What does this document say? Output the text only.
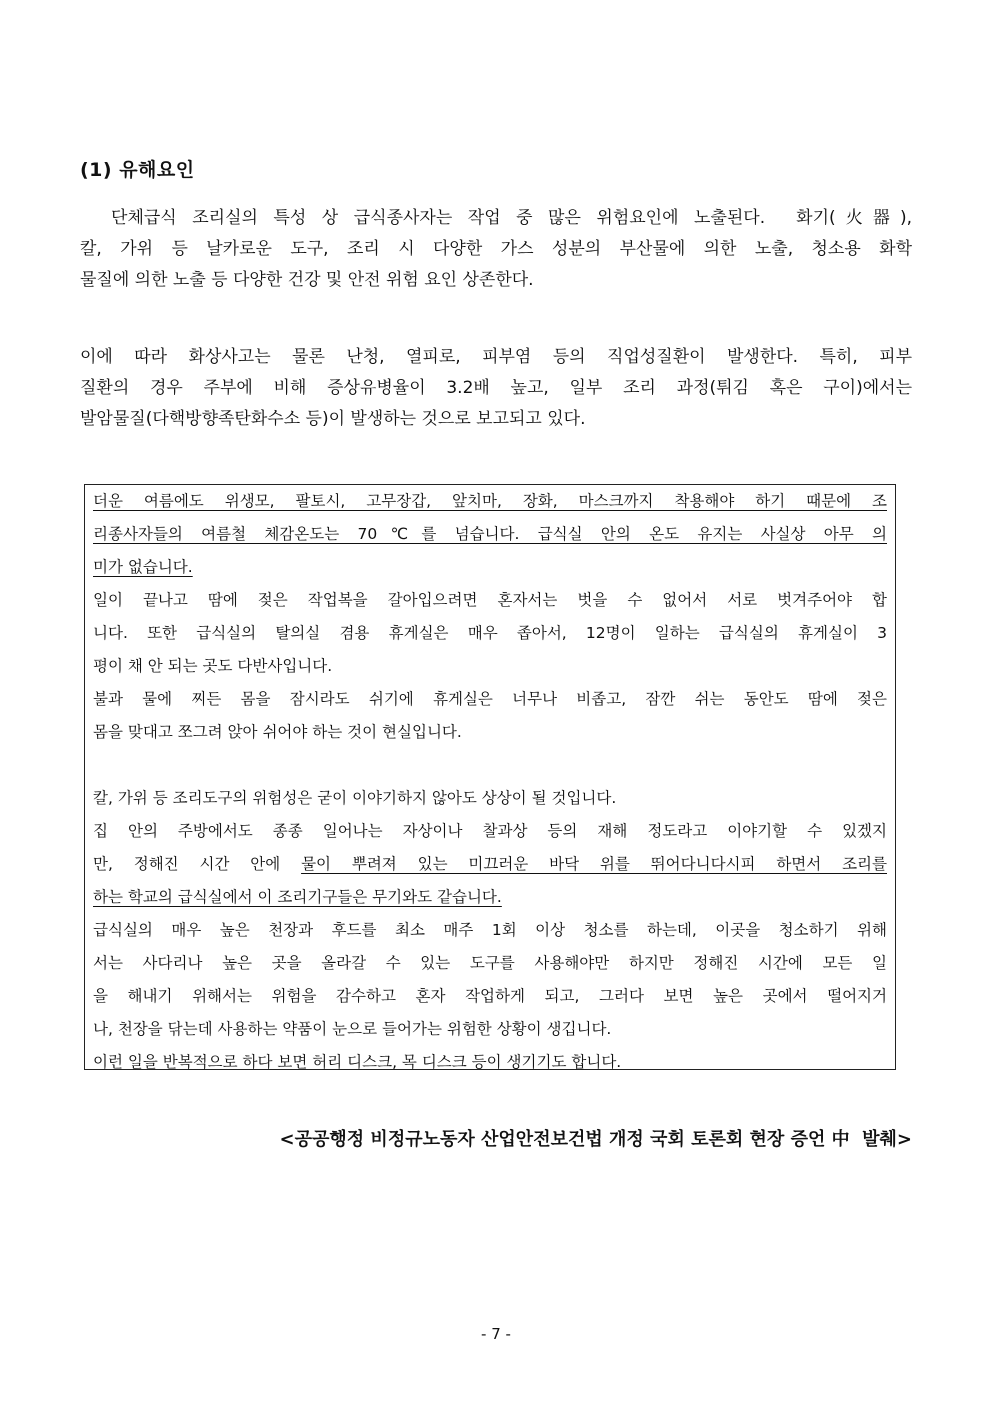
(1) 유해요인
단체급식 조리실의 특성 상 급식종사자는 작업 중 많은 위험요인에 노출된다.  화기(火器),
칼, 가위 등 날카로운 도구, 조리 시 다양한 가스 성분의 부산물에 의한 노출, 청소용 화학
물질에 의한 노출 등 다양한 건강 및 안전 위험 요인 상존한다.
이에 따라 화상사고는 물론 난청, 열피로, 피부염 등의 직업성질환이 발생한다. 특히, 피부
질환의 경우 주부에 비해 증상유병율이 3.2배 높고, 일부 조리 과정(튀김 혹은 구이)에서는
발암물질(다핵방향족탄화수소 등)이 발생하는 것으로 보고되고 있다.
더운 여름에도 위생모, 팔토시, 고무장갑, 앞치마, 장화, 마스크까지 착용해야 하기 때문에 조
리종사자들의 여름철 체감온도는 70℃를 넘습니다. 급식실 안의 온도 유지는 사실상 아무 의
미가 없습니다.
일이 끝나고 땀에 젖은 작업복을 갈아입으려면 혼자서는 벗을 수 없어서 서로 벗겨주어야 합
니다. 또한 급식실의 탈의실 겸용 휴게실은 매우 좁아서, 12명이 일하는 급식실의 휴게실이 3
평이 채 안 되는 곳도 다반사입니다.
불과 물에 찌든 몸을 잠시라도 쉬기에 휴게실은 너무나 비좁고, 잠깐 쉬는 동안도 땀에 젖은
몸을 맞대고 쪼그려 앉아 쉬어야 하는 것이 현실입니다.
칼, 가위 등 조리도구의 위험성은 굳이 이야기하지 않아도 상상이 될 것입니다.
집 안의 주방에서도 종종 일어나는 자상이나 찰과상 등의 재해 정도라고 이야기할 수 있겠지
만, 정해진 시간 안에 물이 뿌려져 있는 미끄러운 바닥 위를 뛰어다니다시피 하면서 조리를
하는 학교의 급식실에서 이 조리기구들은 무기와도 같습니다.
급식실의 매우 높은 천장과 후드를 최소 매주 1회 이상 청소를 하는데, 이곳을 청소하기 위해
서는 사다리나 높은 곳을 올라갈 수 있는 도구를 사용해야만 하지만 정해진 시간에 모든 일
을 해내기 위해서는 위험을 감수하고 혼자 작업하게 되고, 그러다 보면 높은 곳에서 떨어지거
나, 천장을 닦는데 사용하는 약품이 눈으로 들어가는 위험한 상황이 생깁니다.
이런 일을 반복적으로 하다 보면 허리 디스크, 목 디스크 등이 생기기도 합니다.
<공공행정 비정규노동자 산업안전보건법 개정 국회 토론회 현장 증언 中  발췌>
- 7 -
